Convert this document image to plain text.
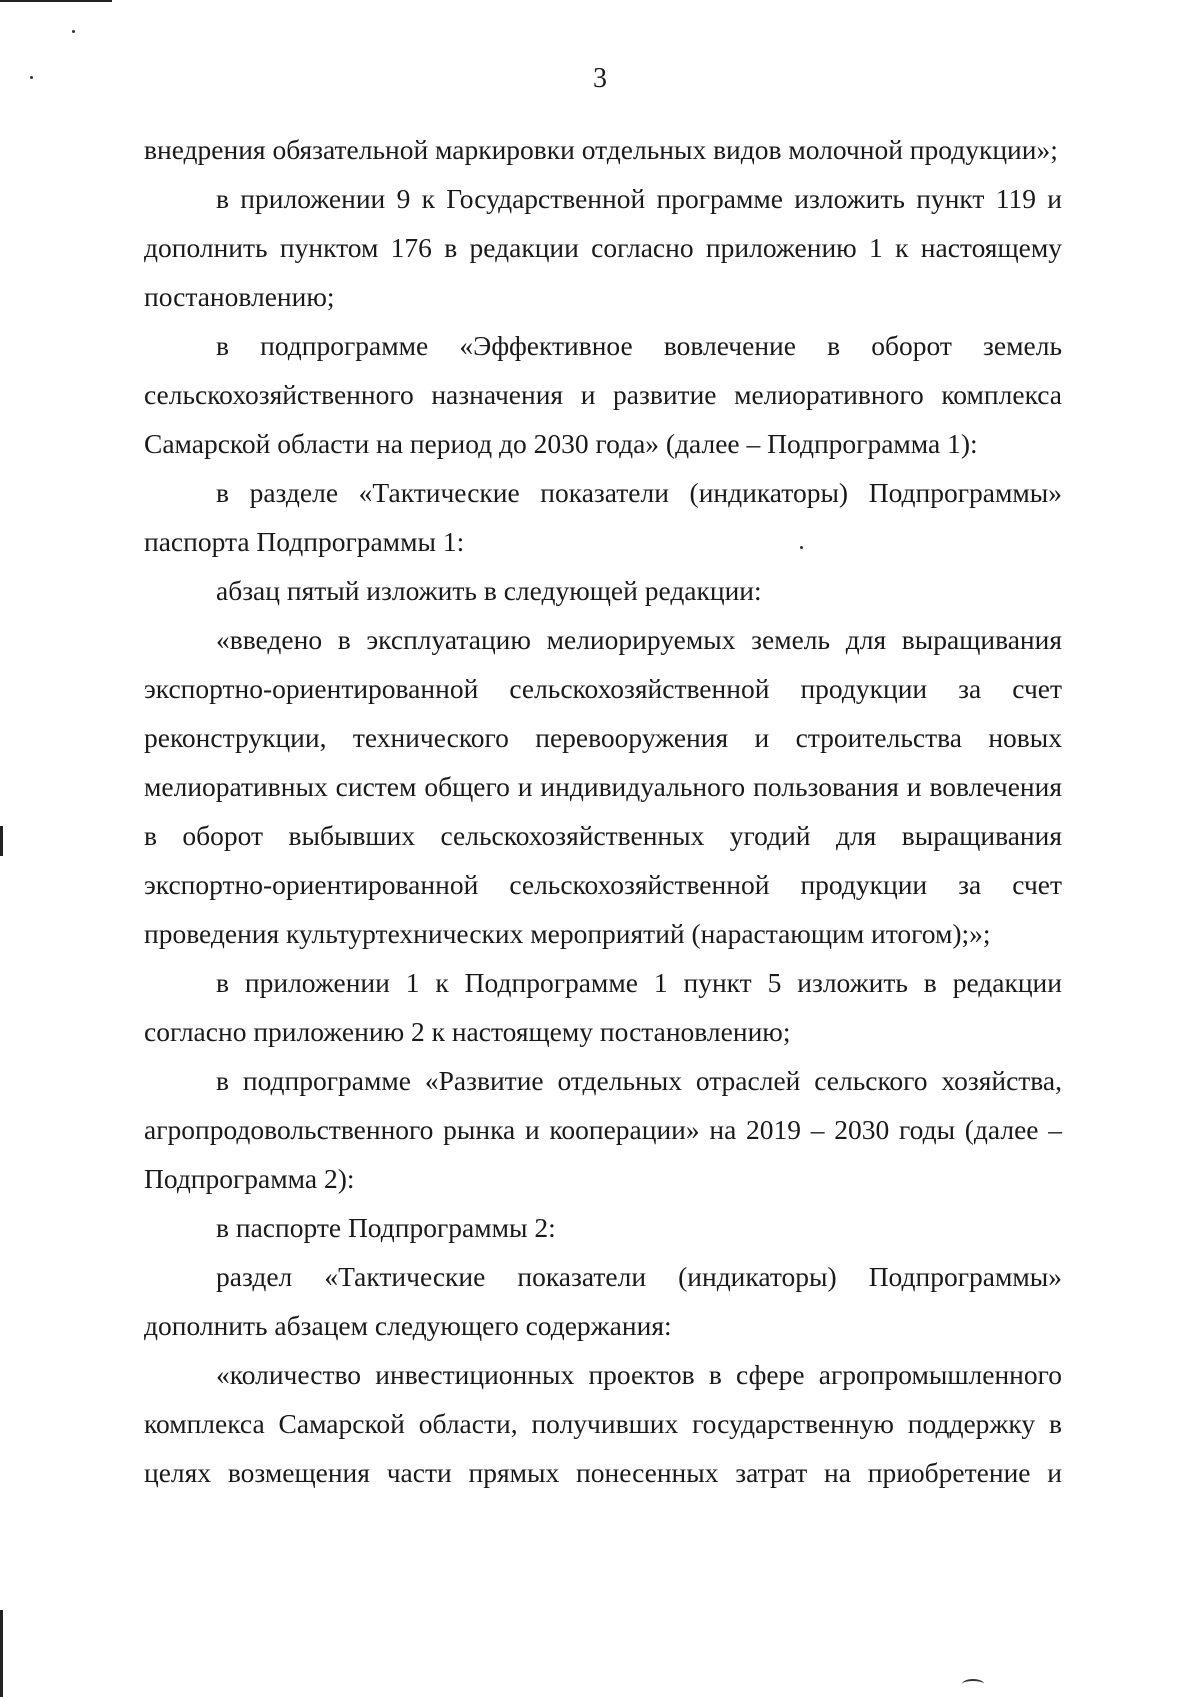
3

внедрения обязательной маркировки отдельных видов молочной продукции»;

в приложении 9 к Государственной программе изложить пункт 119 и дополнить пунктом 176 в редакции согласно приложению 1 к настоящему постановлению;

в подпрограмме «Эффективное вовлечение в оборот земель сельскохозяйственного назначения и развитие мелиоративного комплекса Самарской области на период до 2030 года» (далее – Подпрограмма 1):

в разделе «Тактические показатели (индикаторы) Подпрограммы» паспорта Подпрограммы 1:

абзац пятый изложить в следующей редакции:

«введено в эксплуатацию мелиорируемых земель для выращивания экспортно-ориентированной сельскохозяйственной продукции за счет реконструкции, технического перевооружения и строительства новых мелиоративных систем общего и индивидуального пользования и вовлечения в оборот выбывших сельскохозяйственных угодий для выращивания экспортно-ориентированной сельскохозяйственной продукции за счет проведения культуртехнических мероприятий (нарастающим итогом);»;

в приложении 1 к Подпрограмме 1 пункт 5 изложить в редакции согласно приложению 2 к настоящему постановлению;

в подпрограмме «Развитие отдельных отраслей сельского хозяйства, агропродовольственного рынка и кооперации» на 2019 – 2030 годы (далее – Подпрограмма 2):

в паспорте Подпрограммы 2:

раздел «Тактические показатели (индикаторы) Подпрограммы» дополнить абзацем следующего содержания:

«количество инвестиционных проектов в сфере агропромышленного комплекса Самарской области, получивших государственную поддержку в целях возмещения части прямых понесенных затрат на приобретение и
